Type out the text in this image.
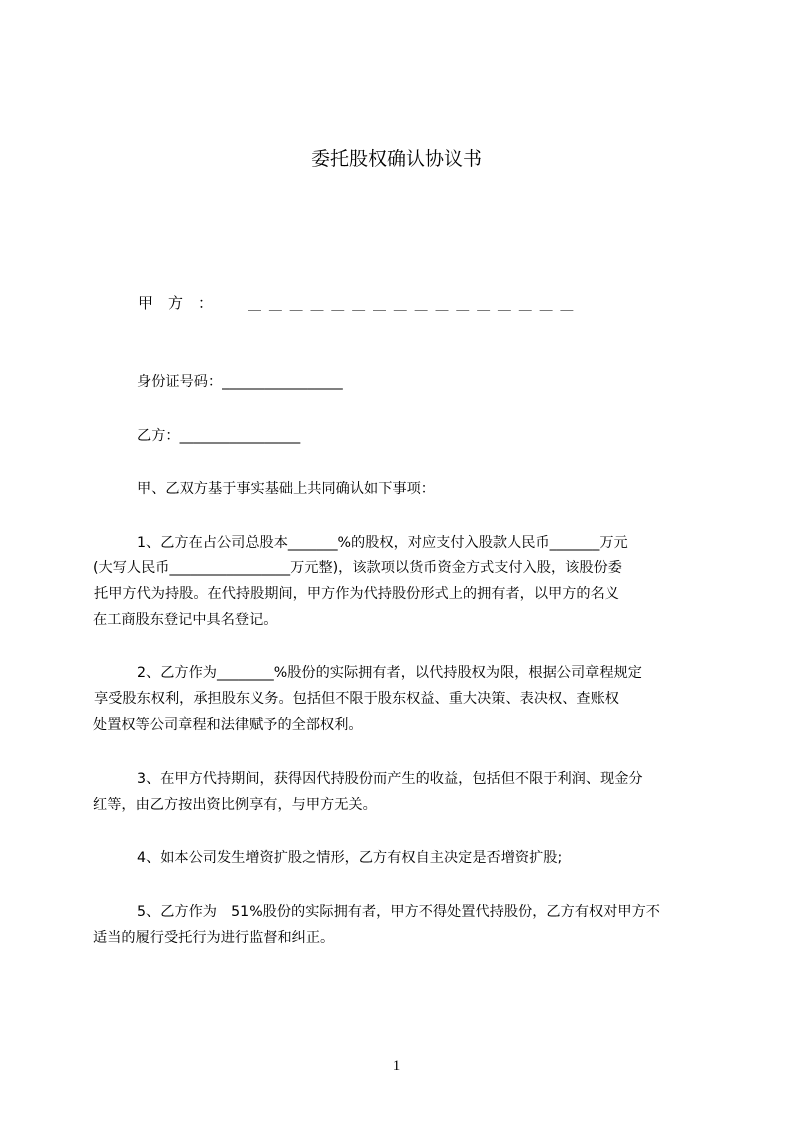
委托股权确认协议书
甲　方　：	＿ ＿ ＿ ＿ ＿ ＿ ＿ ＿ ＿ ＿ ＿ ＿ ＿ ＿ ＿ ＿
身份证号码：_________________
乙方：_________________
甲、乙双方基于事实基础上共同确认如下事项：
1、乙方在占公司总股本_______%的股权，对应支付入股款人民币_______万元
(大写人民币_________________万元整)，该款项以货币资金方式支付入股，该股份委
托甲方代为持股。在代持股期间，甲方作为代持股份形式上的拥有者，以甲方的名义
在工商股东登记中具名登记。
2、乙方作为________%股份的实际拥有者，以代持股权为限，根据公司章程规定
享受股东权利，承担股东义务。包括但不限于股东权益、重大决策、表决权、查账权
处置权等公司章程和法律赋予的全部权利。
3、在甲方代持期间，获得因代持股份而产生的收益，包括但不限于利润、现金分
红等，由乙方按出资比例享有，与甲方无关。
4、如本公司发生增资扩股之情形，乙方有权自主决定是否增资扩股;
5、乙方作为　51%股份的实际拥有者，甲方不得处置代持股份，乙方有权对甲方不
适当的履行受托行为进行监督和纠正。
1
